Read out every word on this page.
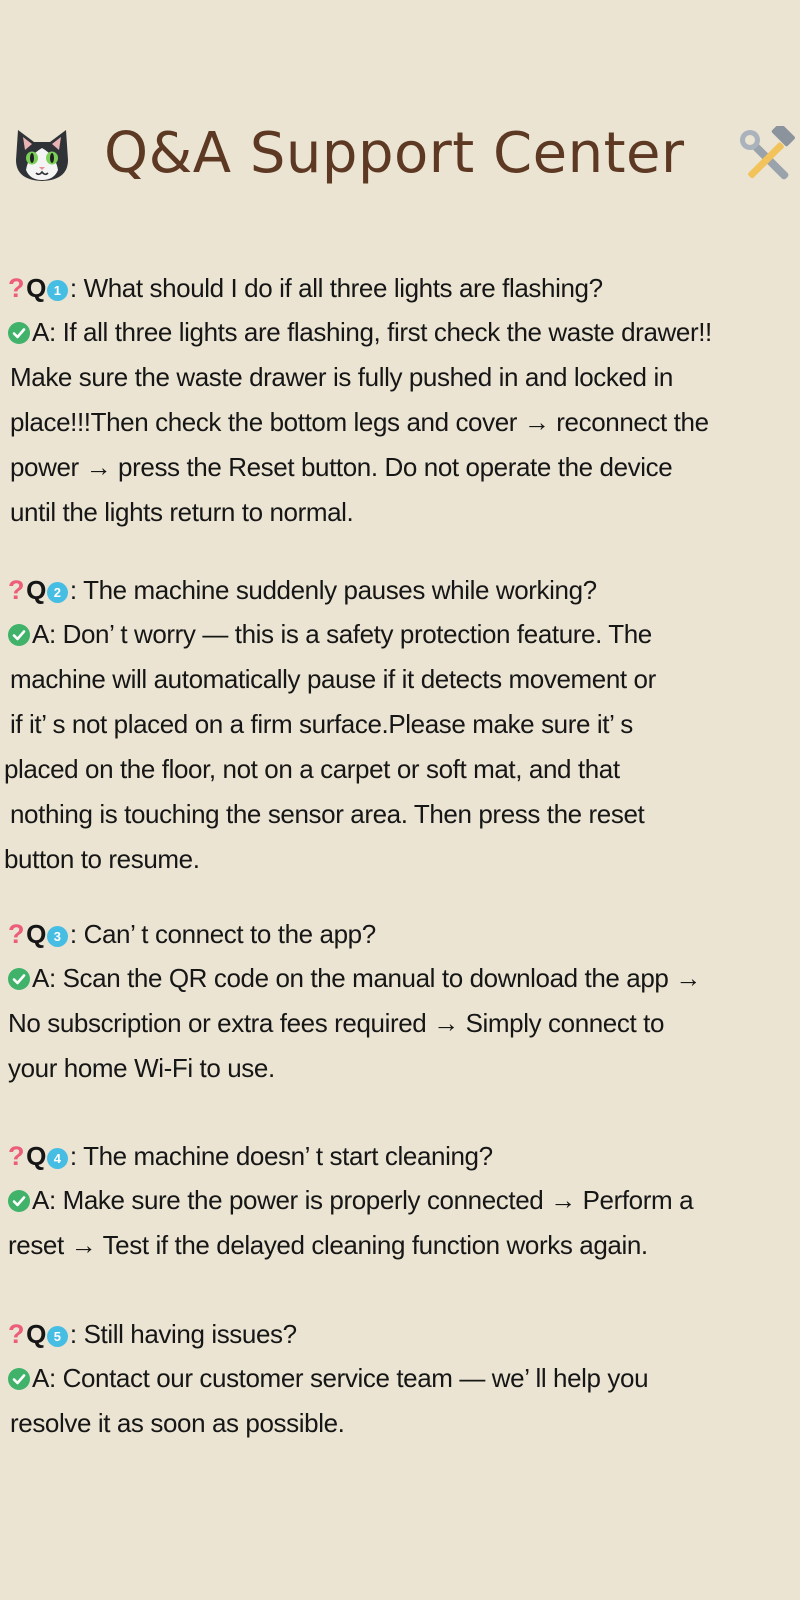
Q&A Support Center
?Q 1 : What should I do if all three lights are flashing?
A: If all three lights are flashing, first check the waste drawer!!
Make sure the waste drawer is fully pushed in and locked in
place!!!Then check the bottom legs and cover → reconnect the
power → press the Reset button. Do not operate the device
until the lights return to normal.
?Q 2 : The machine suddenly pauses while working?
A: Don’ t worry — this is a safety protection feature. The
machine will automatically pause if it detects movement or
if it’ s not placed on a firm surface.Please make sure it’ s
placed on the floor, not on a carpet or soft mat, and that
nothing is touching the sensor area. Then press the reset
button to resume.
?Q 3 : Can’ t connect to the app?
A: Scan the QR code on the manual to download the app →
No subscription or extra fees required → Simply connect to
your home Wi-Fi to use.
?Q 4 : The machine doesn’ t start cleaning?
A: Make sure the power is properly connected → Perform a
reset → Test if the delayed cleaning function works again.
?Q 5 : Still having issues?
A: Contact our customer service team — we’ ll help you
resolve it as soon as possible.
